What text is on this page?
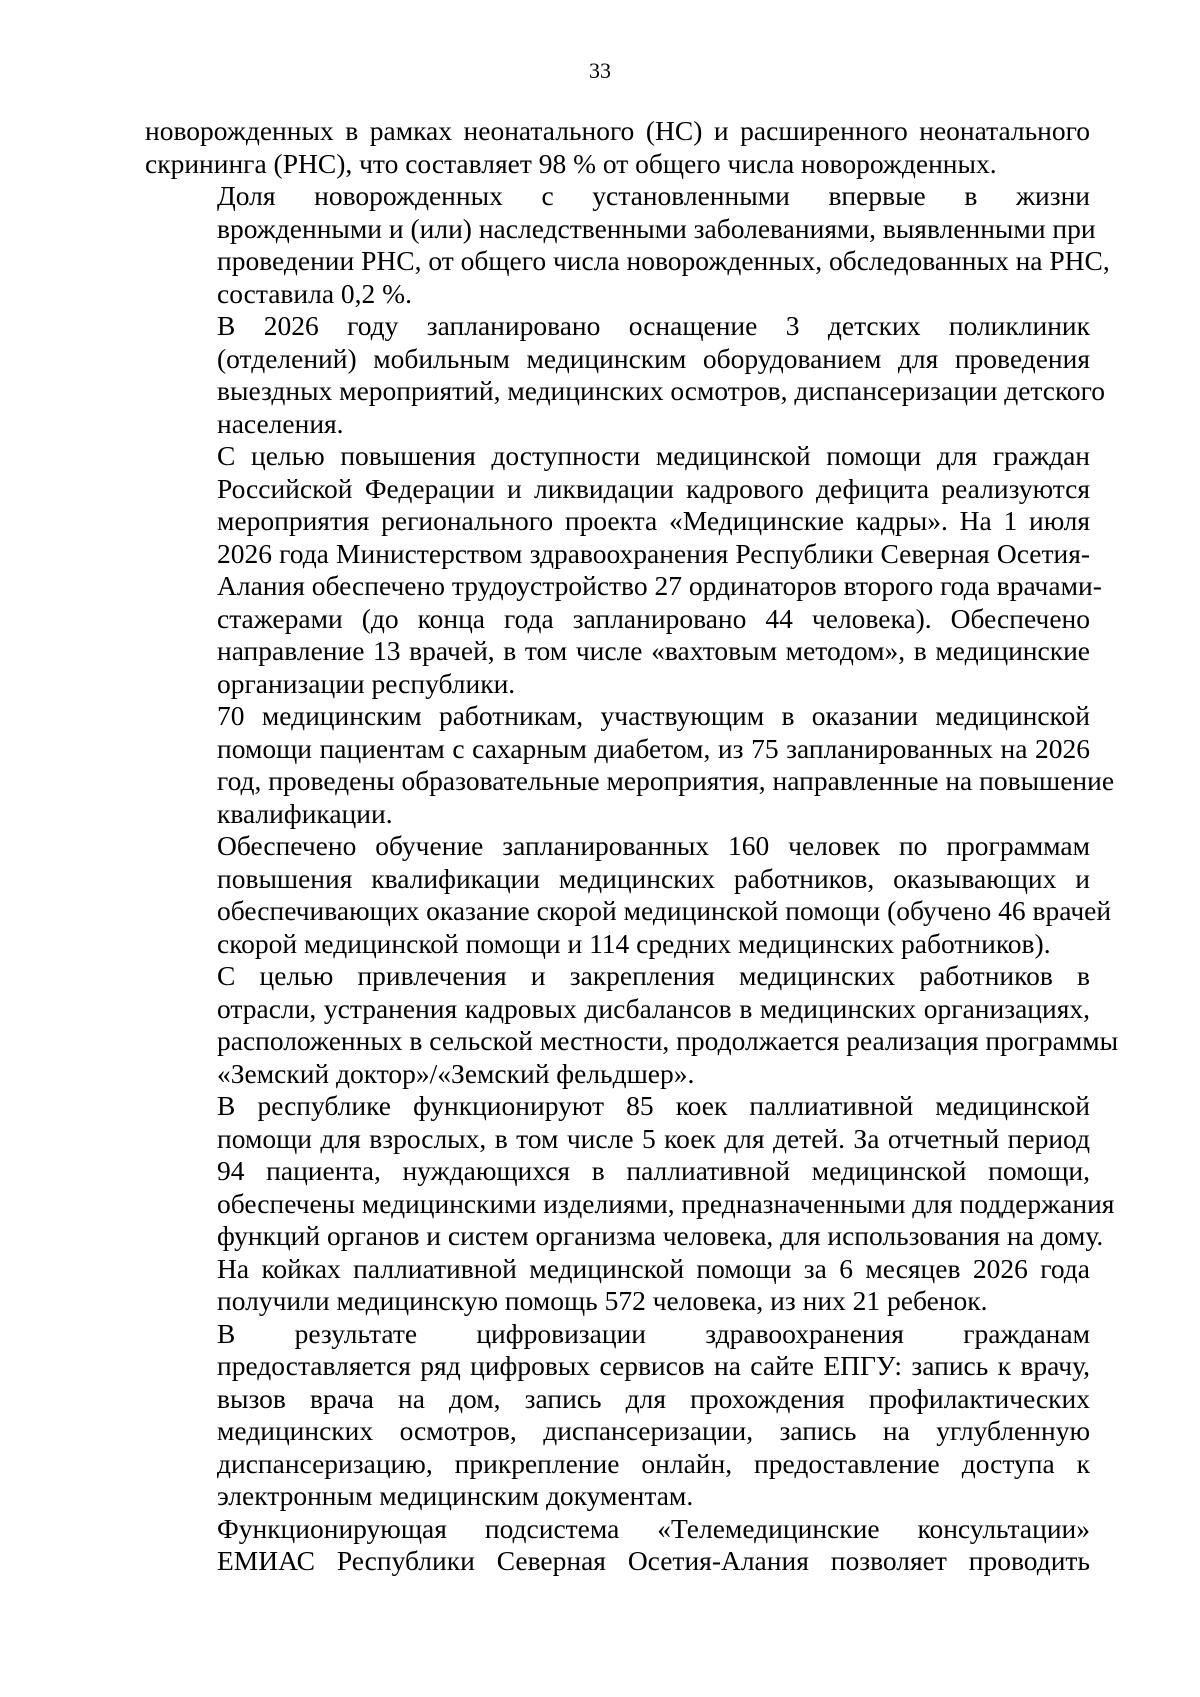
33

новорожденных в рамках неонатального (НС) и расширенного неонатального
скрининга (РНС), что составляет 98 % от общего числа новорожденных.

Доля новорожденных с установленными впервые в жизни
врожденными и (или) наследственными заболеваниями, выявленными при
проведении РНС, от общего числа новорожденных, обследованных на РНС,
составила 0,2 %.

В 2026 году запланировано оснащение 3 детских поликлиник
(отделений) мобильным медицинским оборудованием для проведения
выездных мероприятий, медицинских осмотров, диспансеризации детского
населения.

С целью повышения доступности медицинской помощи для граждан
Российской Федерации и ликвидации кадрового дефицита реализуются
мероприятия регионального проекта «Медицинские кадры». На 1 июля
2026 года Министерством здравоохранения Республики Северная Осетия-
Алания обеспечено трудоустройство 27 ординаторов второго года врачами-
стажерами (до конца года запланировано 44 человека). Обеспечено
направление 13 врачей, в том числе «вахтовым методом», в медицинские
организации республики.

70 медицинским работникам, участвующим в оказании медицинской
помощи пациентам с сахарным диабетом, из 75 запланированных на 2026
год, проведены образовательные мероприятия, направленные на повышение
квалификации.

Обеспечено обучение запланированных 160 человек по программам
повышения квалификации медицинских работников, оказывающих и
обеспечивающих оказание скорой медицинской помощи (обучено 46 врачей
скорой медицинской помощи и 114 средних медицинских работников).

С целью привлечения и закрепления медицинских работников в
отрасли, устранения кадровых дисбалансов в медицинских организациях,
расположенных в сельской местности, продолжается реализация программы
«Земский доктор»/«Земский фельдшер».

В республике функционируют 85 коек паллиативной медицинской
помощи для взрослых, в том числе 5 коек для детей. За отчетный период
94 пациента, нуждающихся в паллиативной медицинской помощи,
обеспечены медицинскими изделиями, предназначенными для поддержания
функций органов и систем организма человека, для использования на дому.
На койках паллиативной медицинской помощи за 6 месяцев 2026 года
получили медицинскую помощь 572 человека, из них 21 ребенок.

В результате цифровизации здравоохранения гражданам
предоставляется ряд цифровых сервисов на сайте ЕПГУ: запись к врачу,
вызов врача на дом, запись для прохождения профилактических
медицинских осмотров, диспансеризации, запись на углубленную
диспансеризацию, прикрепление онлайн, предоставление доступа к
электронным медицинским документам.

Функционирующая подсистема «Телемедицинские консультации»
ЕМИАС Республики Северная Осетия-Алания позволяет проводить
